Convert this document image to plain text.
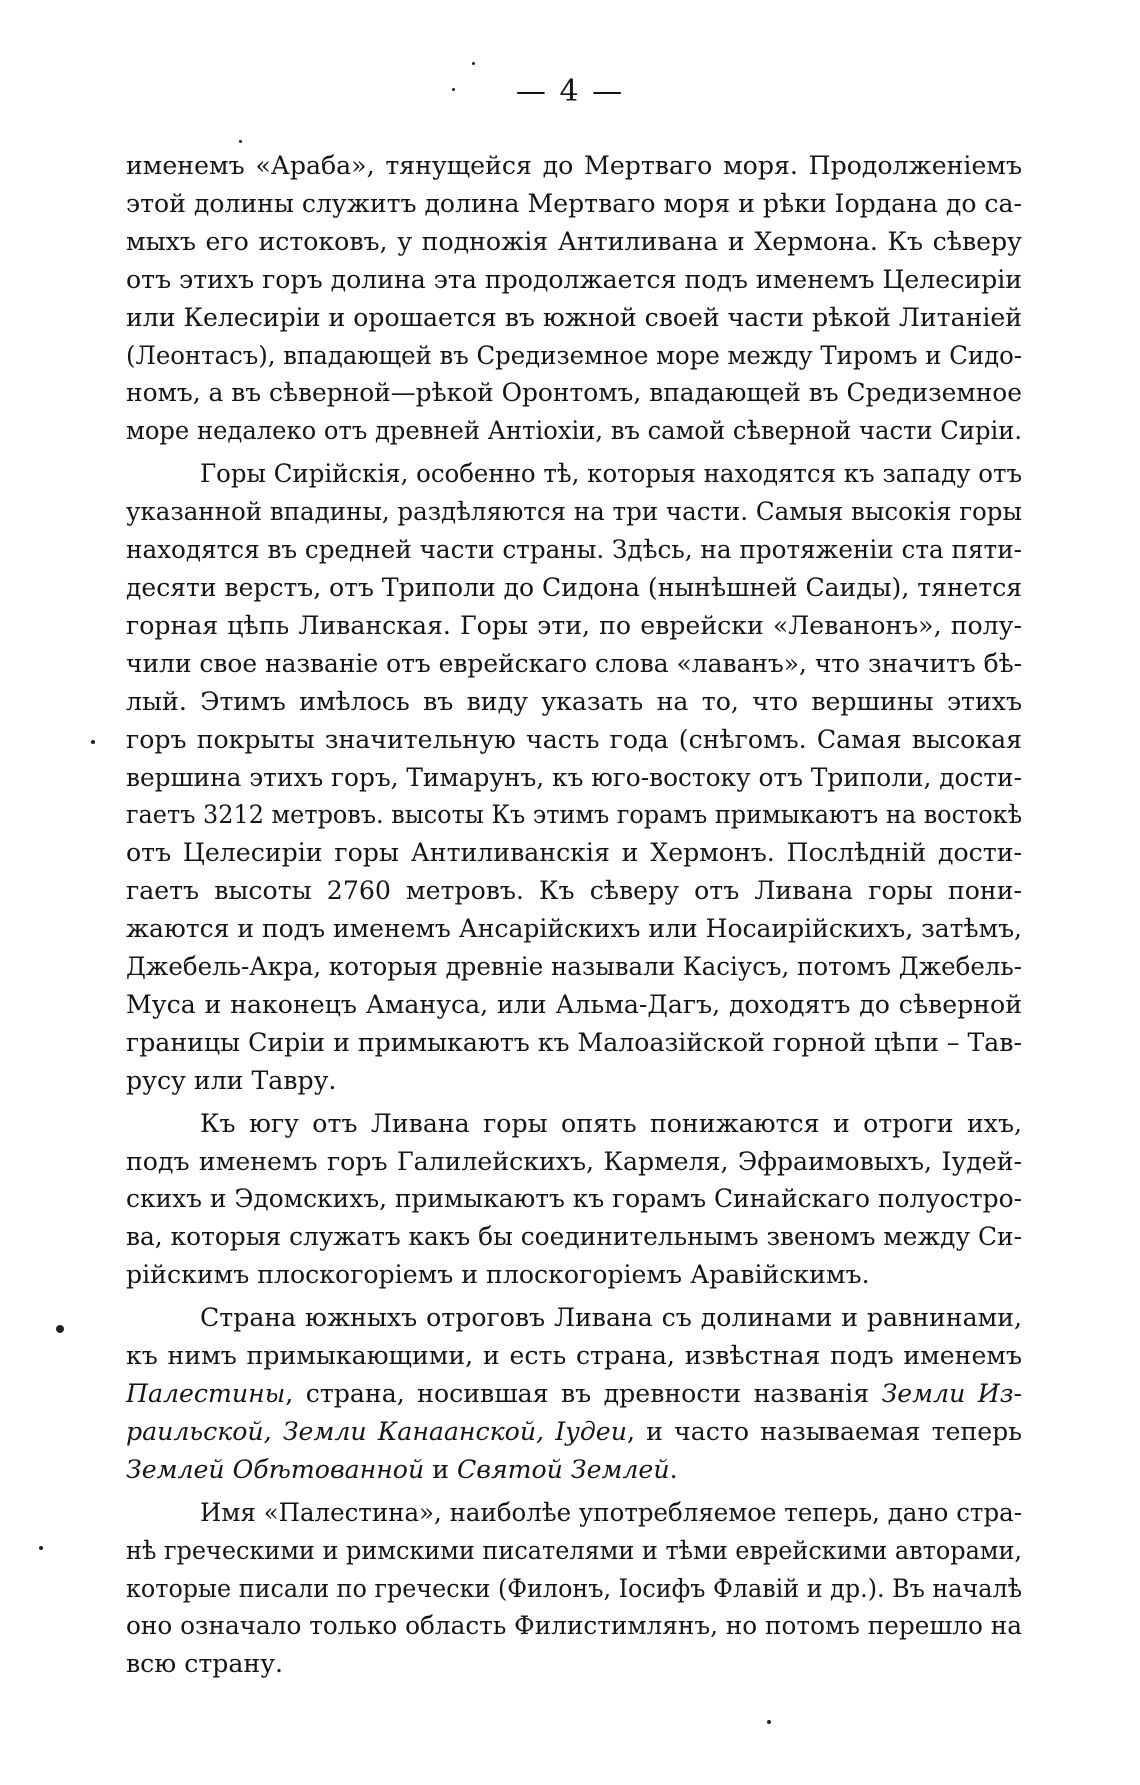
— 4 —
именемъ «Араба», тянущейся до Мертваго моря. Продолженіемъ
этой долины служитъ долина Мертваго моря и рѣки Іордана до са-
мыхъ его истоковъ, у подножія Антиливана и Хермона. Къ сѣверу
отъ этихъ горъ долина эта продолжается подъ именемъ Целесиріи
или Келесиріи и орошается въ южной своей части рѣкой Литаніей
(Леонтасъ), впадающей въ Средиземное море между Тиромъ и Сидо-
номъ, а въ сѣверной—рѣкой Оронтомъ, впадающей въ Средиземное
море недалеко отъ древней Антіохіи, въ самой сѣверной части Сиріи.
Горы Сирійскія, особенно тѣ, которыя находятся къ западу отъ
указанной впадины, раздѣляются на три части. Самыя высокія горы
находятся въ средней части страны. Здѣсь, на протяженіи ста пяти-
десяти верстъ, отъ Триполи до Сидона (нынѣшней Саиды), тянется
горная цѣпь Ливанская. Горы эти, по еврейски «Леванонъ», полу-
чили свое названіе отъ еврейскаго слова «лаванъ», что значитъ бѣ-
лый. Этимъ имѣлось въ виду указать на то, что вершины этихъ
горъ покрыты значительную часть года (снѣгомъ. Самая высокая
вершина этихъ горъ, Тимарунъ, къ юго-востоку отъ Триполи, дости-
гаетъ 3212 метровъ. высоты Къ этимъ горамъ примыкаютъ на востокѣ
отъ Целесиріи горы Антиливанскія и Хермонъ. Послѣдній дости-
гаетъ высоты 2760 метровъ. Къ сѣверу отъ Ливана горы пони-
жаются и подъ именемъ Ансарійскихъ или Носаирійскихъ, затѣмъ,
Джебель-Акра, которыя древніе называли Касіусъ, потомъ Джебель-
Муса и наконецъ Амануса, или Альма-Дагъ, доходятъ до сѣверной
границы Сиріи и примыкаютъ къ Малоазійской горной цѣпи – Тав-
русу или Тавру.
Къ югу отъ Ливана горы опять понижаются и отроги ихъ,
подъ именемъ горъ Галилейскихъ, Кармеля, Эфраимовыхъ, Іудей-
скихъ и Эдомскихъ, примыкаютъ къ горамъ Синайскаго полуостро-
ва, которыя служатъ какъ бы соединительнымъ звеномъ между Си-
рійскимъ плоскогоріемъ и плоскогоріемъ Аравійскимъ.
Страна южныхъ отроговъ Ливана съ долинами и равнинами,
къ нимъ примыкающими, и есть страна, извѣстная подъ именемъ
Палестины, страна, носившая въ древности названія Земли Из-
раильской, Земли Канаанской, Іудеи, и часто называемая теперь
Землей Обѣтованной и Святой Землей.
Имя «Палестина», наиболѣе употребляемое теперь, дано стра-
нѣ греческими и римскими писателями и тѣми еврейскими авторами,
которые писали по гречески (Филонъ, Іосифъ Флавій и др.). Въ началѣ
оно означало только область Филистимлянъ, но потомъ перешло на
всю страну.
